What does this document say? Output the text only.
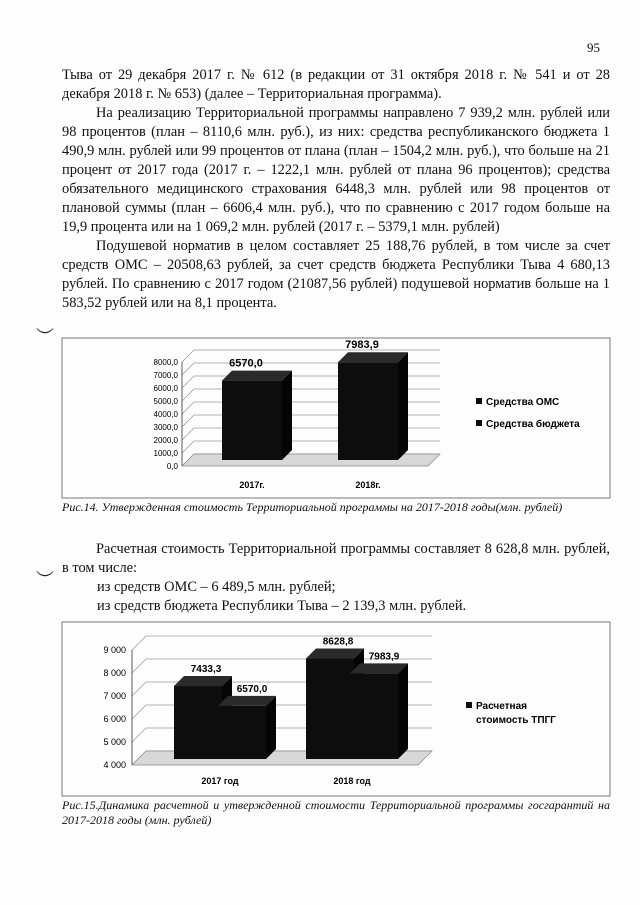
95
Тыва от 29 декабря 2017 г. № 612 (в редакции от 31 октября 2018 г. № 541 и от 28 декабря 2018 г. № 653) (далее – Территориальная программа).
На реализацию Территориальной программы направлено 7 939,2 млн. рублей или 98 процентов (план – 8110,6 млн. руб.), из них: средства республиканского бюджета 1 490,9 млн. рублей или 99 процентов от плана (план – 1504,2 млн. руб.), что больше на 21 процент от 2017 года (2017 г. – 1222,1 млн. рублей от плана 96 процентов); средства обязательного медицинского страхования 6448,3 млн. рублей или 98 процентов от плановой суммы (план – 6606,4 млн. руб.), что по сравнению с 2017 годом больше на 19,9 процента или на 1 069,2 млн. рублей (2017 г. – 5379,1 млн. рублей)
Подушевой норматив в целом составляет 25 188,76 рублей, в том числе за счет средств ОМС – 20508,63 рублей, за счет средств бюджета Республики Тыва 4 680,13 рублей. По сравнению с 2017 годом (21087,56 рублей) подушевой норматив больше на 1 583,52 рублей или на 8,1 процента.
︶
0,0
1000,0
2000,0
3000,0
4000,0
5000,0
6000,0
7000,0
8000,0	6570,0
2017г.
7983,9
2018г.
Средства ОМС
Средства бюджета
Рис.14. Утвержденная стоимость Территориальной программы на 2017-2018 годы(млн. рублей)
Расчетная стоимость Территориальной программы составляет 8 628,8 млн. рублей, в том числе:
︶	из средств ОМС – 6 489,5 млн. рублей;
из средств бюджета Республики Тыва – 2 139,3 млн. рублей.
4 000
5 000
6 000
7 000
8 000
9 000
7433,3
6570,0
2017 год
8628,8
7983,9
2018 год
Расчетная
стоимость ТПГГ
Рис.15.Динамика расчетной и утвержденной стоимости Территориальной программы госгарантий на 2017-2018 годы (млн. рублей)
